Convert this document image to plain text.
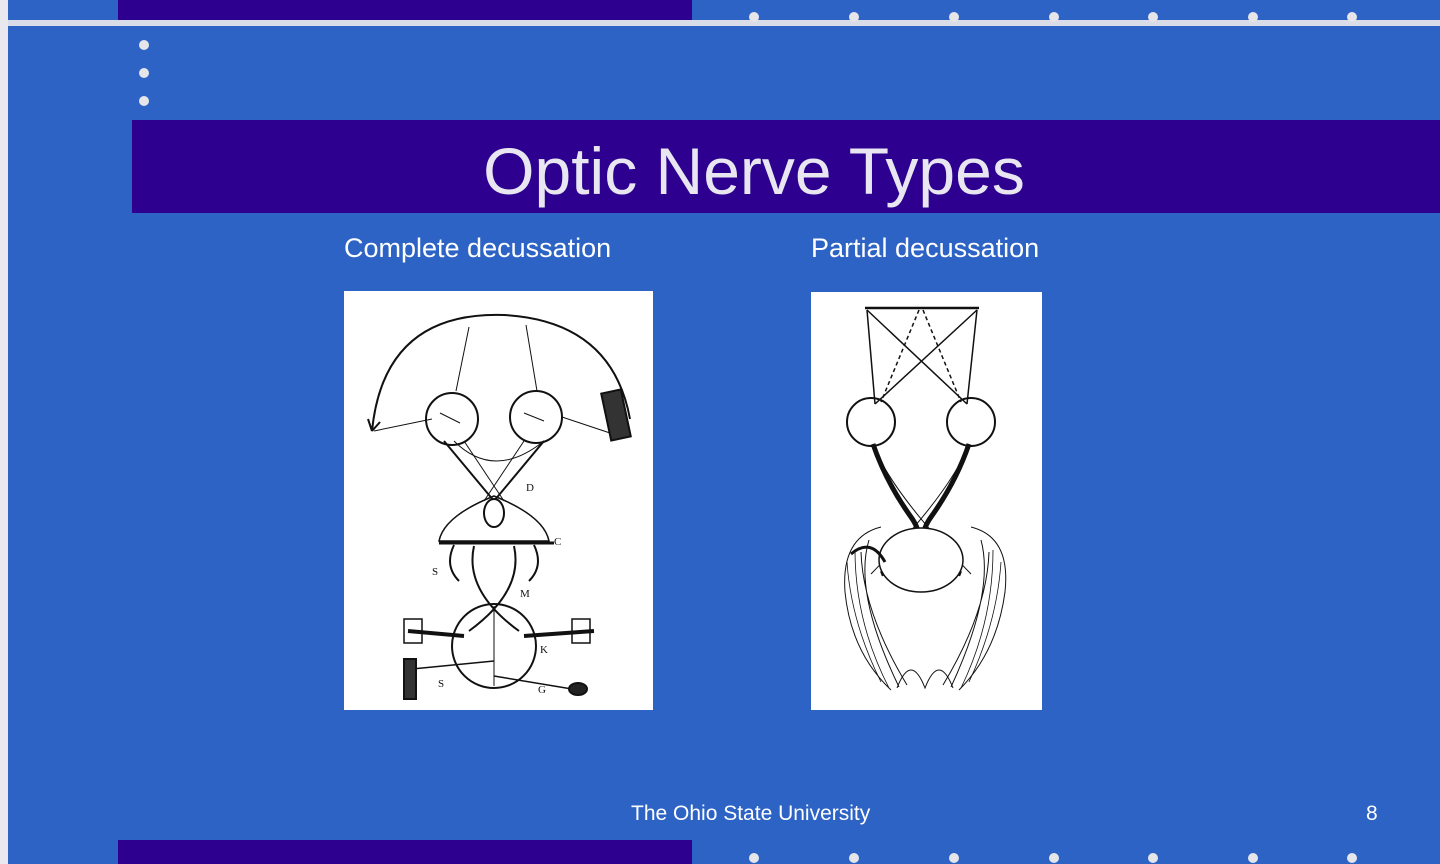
Optic Nerve Types
Complete decussation	Partial decussation
D
C
S
M
K
G
S
The Ohio State University	8
